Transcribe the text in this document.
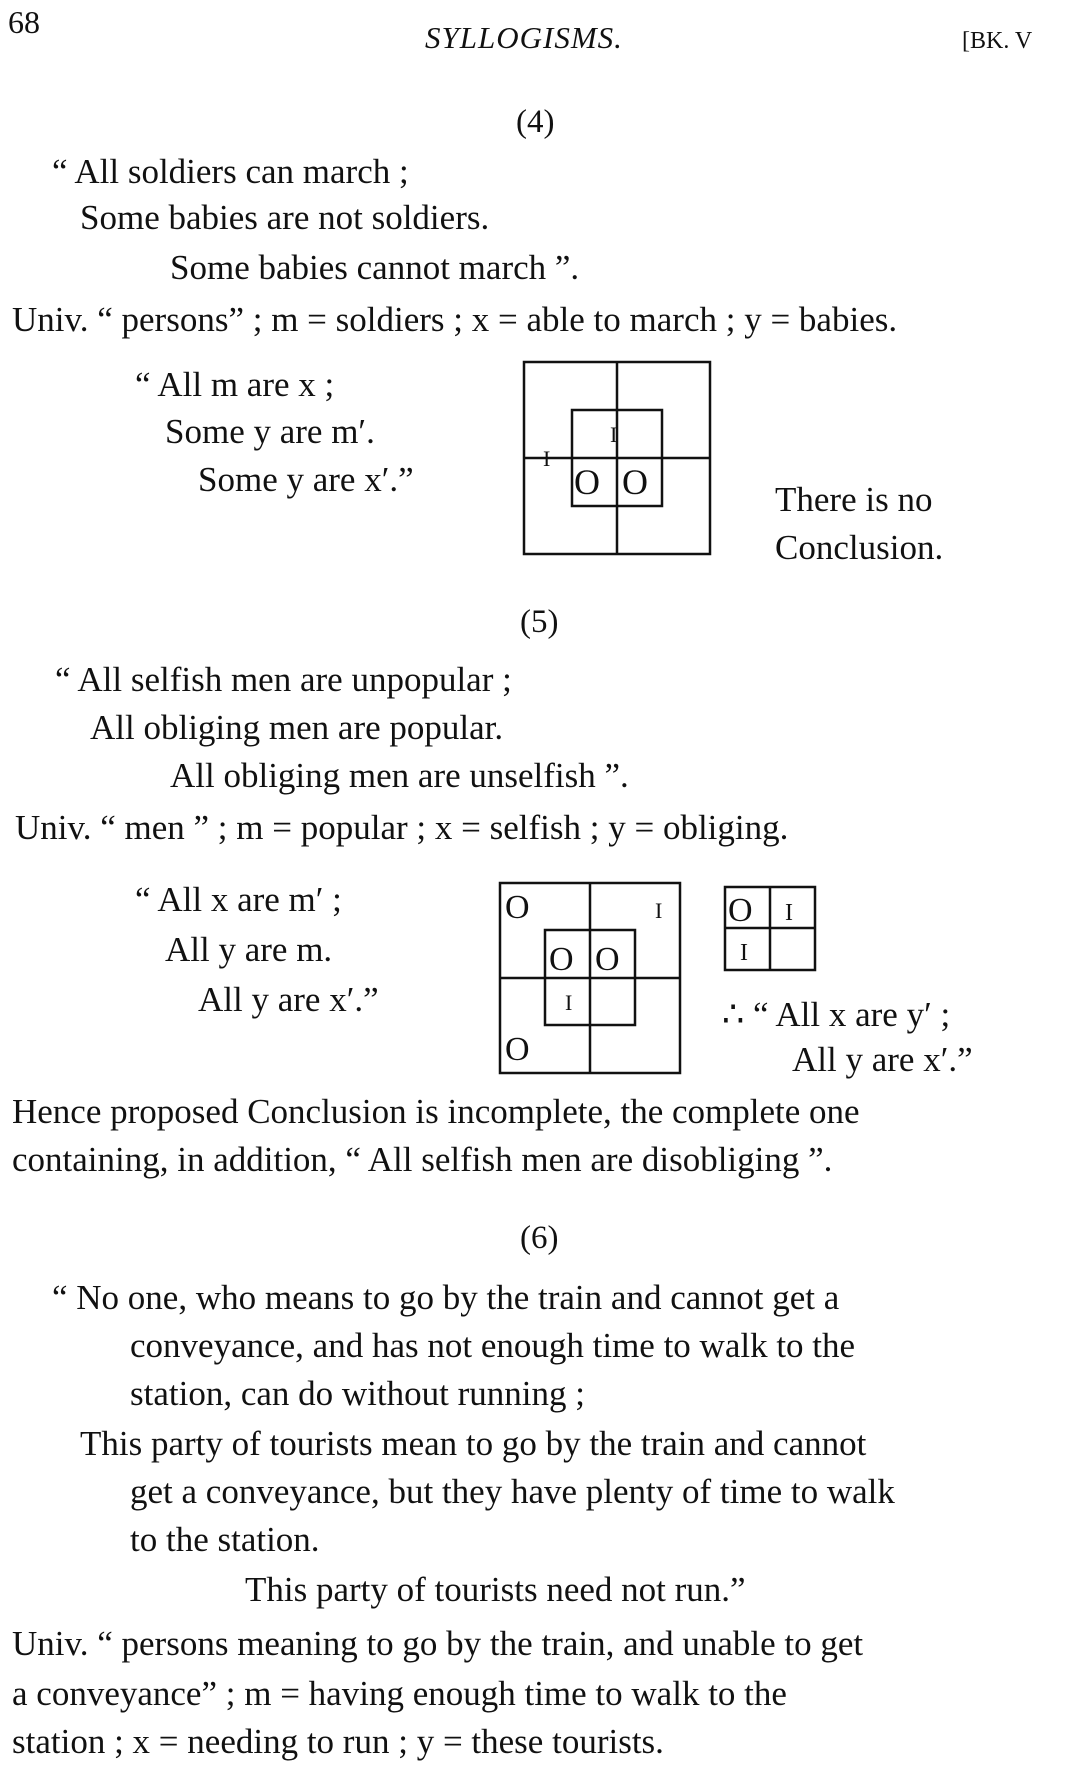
68	SYLLOGISMS.	[BK. V
(4)
“ All soldiers can march ;
Some babies are not soldiers.
Some babies cannot march ”.
Univ. “ persons” ; m = soldiers ; x = able to march ; y = babies.
“ All m are x ;
Some y are m′.
Some y are x′.”
I
I
O O	There is no
Conclusion.
(5)
“ All selfish men are unpopular ;
All obliging men are popular.
All obliging men are unselfish ”.
Univ. “ men ” ; m = popular ; x = selfish ; y = obliging.
“ All x are m′ ;
All y are m.
All y are x′.”
O	I
O O
I
O
O I
I
∴ “ All x are y′ ;
All y are x′.”
Hence proposed Conclusion is incomplete, the complete one
containing, in addition, “ All selfish men are disobliging ”.
(6)
“ No one, who means to go by the train and cannot get a
conveyance, and has not enough time to walk to the
station, can do without running ;
This party of tourists mean to go by the train and cannot
get a conveyance, but they have plenty of time to walk
to the station.
This party of tourists need not run.”
Univ. “ persons meaning to go by the train, and unable to get
a conveyance” ; m = having enough time to walk to the
station ; x = needing to run ; y = these tourists.
